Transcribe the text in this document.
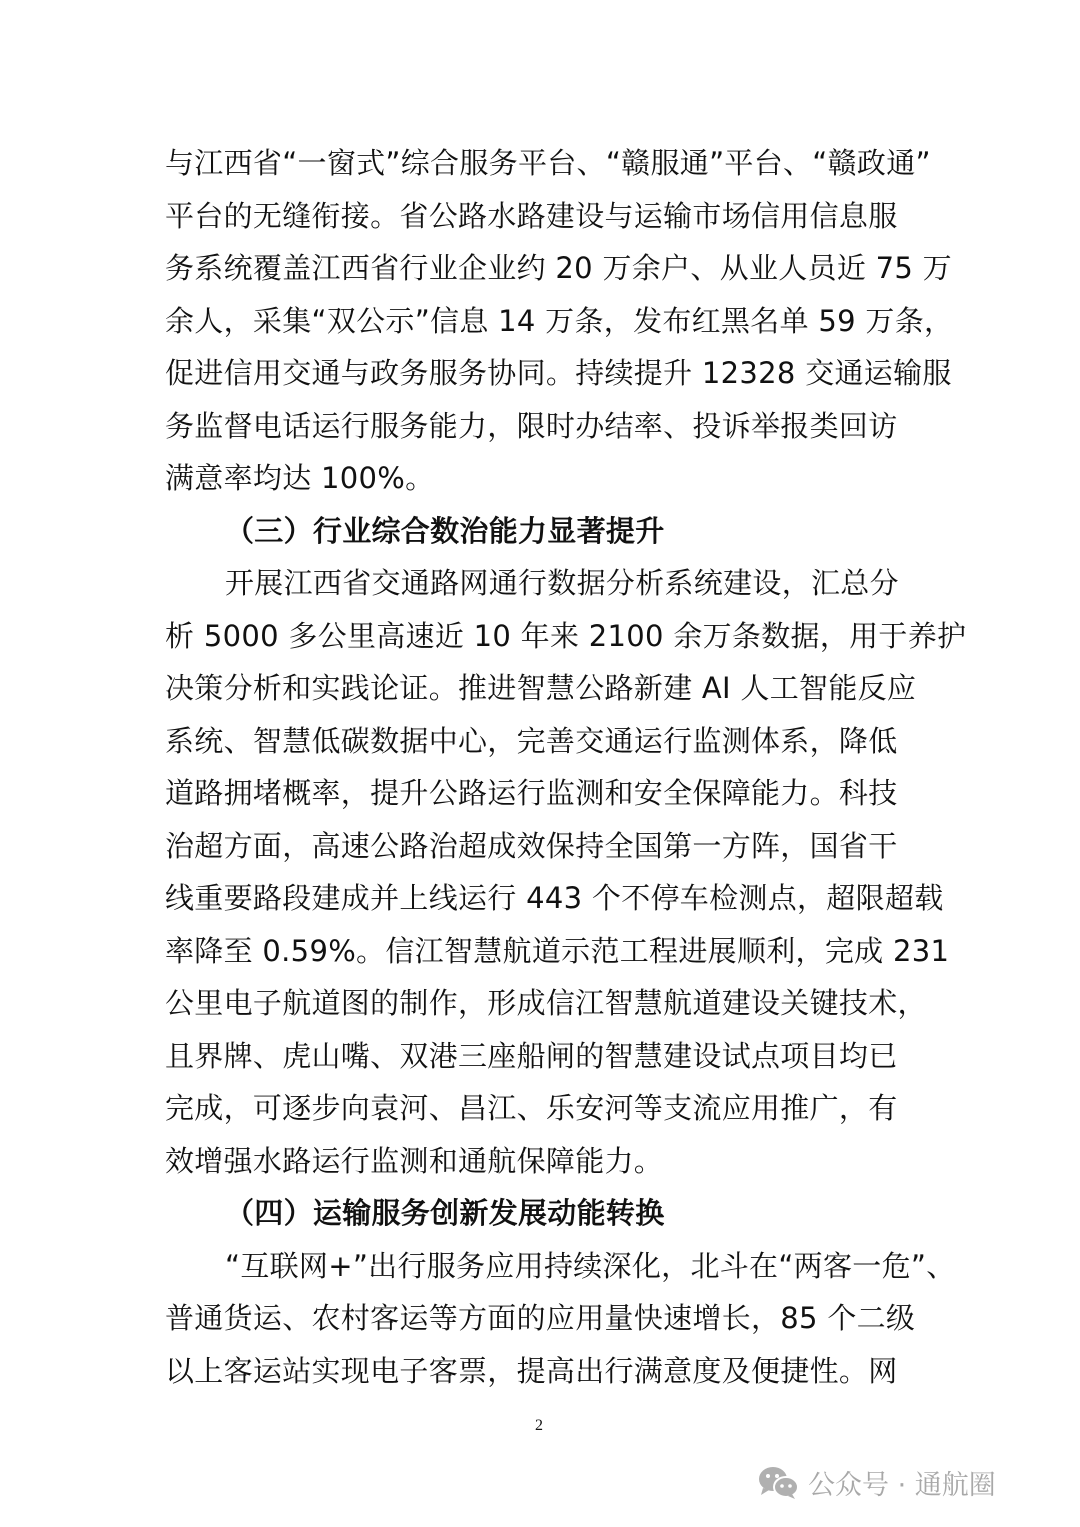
与江西省“一窗式”综合服务平台、“赣服通”平台、“赣政通”
平台的无缝衔接。省公路水路建设与运输市场信用信息服
务系统覆盖江西省行业企业约 20 万余户、从业人员近 75 万
余人，采集“双公示”信息 14 万条，发布红黑名单 59 万条，
促进信用交通与政务服务协同。持续提升 12328 交通运输服
务监督电话运行服务能力，限时办结率、投诉举报类回访
满意率均达 100%。
（三）行业综合数治能力显著提升
开展江西省交通路网通行数据分析系统建设，汇总分
析 5000 多公里高速近 10 年来 2100 余万条数据，用于养护
决策分析和实践论证。推进智慧公路新建 AI 人工智能反应
系统、智慧低碳数据中心，完善交通运行监测体系，降低
道路拥堵概率，提升公路运行监测和安全保障能力。科技
治超方面，高速公路治超成效保持全国第一方阵，国省干
线重要路段建成并上线运行 443 个不停车检测点，超限超载
率降至 0.59%。信江智慧航道示范工程进展顺利，完成 231
公里电子航道图的制作，形成信江智慧航道建设关键技术，
且界牌、虎山嘴、双港三座船闸的智慧建设试点项目均已
完成，可逐步向袁河、昌江、乐安河等支流应用推广，有
效增强水路运行监测和通航保障能力。
（四）运输服务创新发展动能转换
“互联网+”出行服务应用持续深化，北斗在“两客一危”、
普通货运、农村客运等方面的应用量快速增长，85 个二级
以上客运站实现电子客票，提高出行满意度及便捷性。网
2
公众号 · 通航圈
